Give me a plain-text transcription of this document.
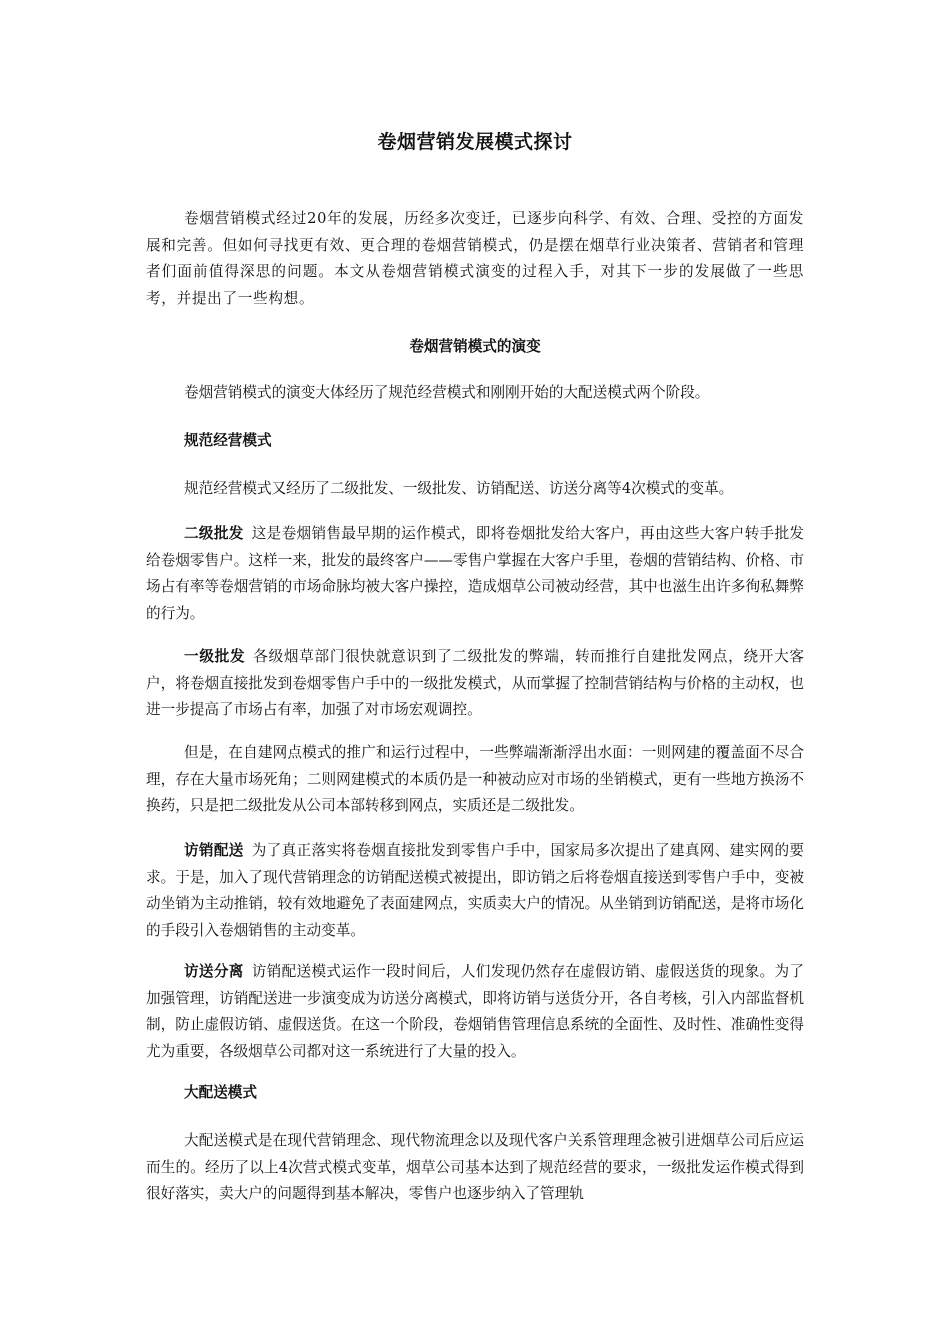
卷烟营销发展模式探讨

卷烟营销模式经过20年的发展，历经多次变迁，已逐步向科学、有效、合理、受控的方面发展和完善。但如何寻找更有效、更合理的卷烟营销模式，仍是摆在烟草行业决策者、营销者和管理者们面前值得深思的问题。本文从卷烟营销模式演变的过程入手，对其下一步的发展做了一些思考，并提出了一些构想。

卷烟营销模式的演变

卷烟营销模式的演变大体经历了规范经营模式和刚刚开始的大配送模式两个阶段。

规范经营模式

规范经营模式又经历了二级批发、一级批发、访销配送、访送分离等4次模式的变革。

二级批发 这是卷烟销售最早期的运作模式，即将卷烟批发给大客户，再由这些大客户转手批发给卷烟零售户。这样一来，批发的最终客户——零售户掌握在大客户手里，卷烟的营销结构、价格、市场占有率等卷烟营销的市场命脉均被大客户操控，造成烟草公司被动经营，其中也滋生出许多徇私舞弊的行为。

一级批发 各级烟草部门很快就意识到了二级批发的弊端，转而推行自建批发网点，绕开大客户，将卷烟直接批发到卷烟零售户手中的一级批发模式，从而掌握了控制营销结构与价格的主动权，也进一步提高了市场占有率，加强了对市场宏观调控。

但是，在自建网点模式的推广和运行过程中，一些弊端渐渐浮出水面：一则网建的覆盖面不尽合理，存在大量市场死角；二则网建模式的本质仍是一种被动应对市场的坐销模式，更有一些地方换汤不换药，只是把二级批发从公司本部转移到网点，实质还是二级批发。

访销配送 为了真正落实将卷烟直接批发到零售户手中，国家局多次提出了建真网、建实网的要求。于是，加入了现代营销理念的访销配送模式被提出，即访销之后将卷烟直接送到零售户手中，变被动坐销为主动推销，较有效地避免了表面建网点，实质卖大户的情况。从坐销到访销配送，是将市场化的手段引入卷烟销售的主动变革。

访送分离 访销配送模式运作一段时间后，人们发现仍然存在虚假访销、虚假送货的现象。为了加强管理，访销配送进一步演变成为访送分离模式，即将访销与送货分开，各自考核，引入内部监督机制，防止虚假访销、虚假送货。在这一个阶段，卷烟销售管理信息系统的全面性、及时性、准确性变得尤为重要，各级烟草公司都对这一系统进行了大量的投入。

大配送模式

大配送模式是在现代营销理念、现代物流理念以及现代客户关系管理理念被引进烟草公司后应运而生的。经历了以上4次营式模式变革，烟草公司基本达到了规范经营的要求，一级批发运作模式得到很好落实，卖大户的问题得到基本解决，零售户也逐步纳入了管理轨
